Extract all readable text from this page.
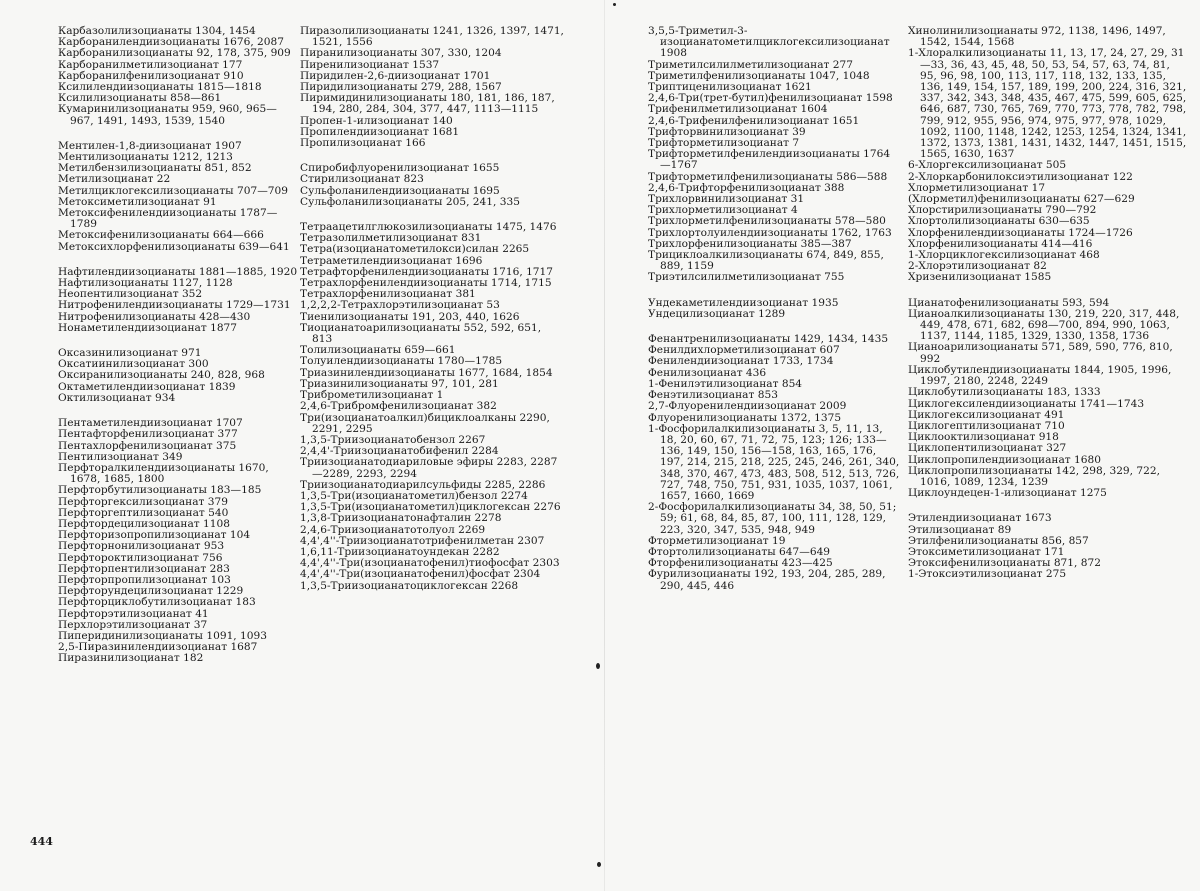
Карбазолилизоцианаты 1304, 1454
Карборанилендиизоцианаты 1676, 2087
Карборанилизоцианаты 92, 178, 375, 909
Карборанилметилизоцианат 177
Карборанилфенилизоцианат 910
Ксилилендиизоцианаты 1815—1818
Ксилилизоцианаты 858—861
Кумаринилизоцианаты 959, 960, 965—967, 1491, 1493, 1539, 1540
Ментилен-1,8-диизоцианат 1907
Ментилизоцианаты 1212, 1213
Метилбензилизоцианаты 851, 852
Метилизоцианат 22
Метилциклогексилизоцианаты 707—709
Метоксиметилизоцианат 91
Метоксифенилендиизоцианаты 1787—1789
Метоксифенилизоцианаты 664—666
Метоксихлорфенилизоцианаты 639—641
Нафтилендиизоцианаты 1881—1885, 1920
Нафтилизоцианаты 1127, 1128
Неопентилизоцианат 352
Нитрофенилендиизоцианаты 1729—1731
Нитрофенилизоцианаты 428—430
Нонаметилендиизоцианат 1877
Оксазинилизоцианат 971
Оксатиинилизоцианат 300
Оксиранилизоцианаты 240, 828, 968
Октаметилендиизоцианат 1839
Октилизоцианат 934
Пентаметилендиизоцианат 1707
Пентафторфенилизоцианат 377
Пентахлорфенилизоцианат 375
Пентилизоцианат 349
Перфторалкилендиизоцианаты 1670, 1678, 1685, 1800
Перфторбутилизоцианаты 183—185
Перфторгексилизоцианат 379
Перфторгептилизоцианат 540
Перфтордецилизоцианат 1108
Перфторизопропилизоцианат 104
Перфторнонилизоцианат 953
Перфтороктилизоцианат 756
Перфторпентилизоцианат 283
Перфторпропилизоцианат 103
Перфторундецилизоцианат 1229
Перфторциклобутилизоцианат 183
Перфторэтилизоцианат 41
Перхлорэтилизоцианат 37
Пиперидинилизоцианаты 1091, 1093
2,5-Пиразинилендиизоцианат 1687
Пиразинилизоцианат 182
Пиразолилизоцианаты 1241, 1326, 1397, 1471, 1521, 1556
Пиранилизоцианаты 307, 330, 1204
Пиренилизоцианат 1537
Пиридилен-2,6-диизоцианат 1701
Пиридилизоцианаты 279, 288, 1567
Пиримидинилизоцианаты 180, 181, 186, 187, 194, 280, 284, 304, 377, 447, 1113—1115
Пропен-1-илизоцианат 140
Пропилендиизоцианат 1681
Пропилизоцианат 166
Спиробифлуоренилизоцианат 1655
Стирилизоцианат 823
Сульфоланилендиизоцианаты 1695
Сульфоланилизоцианаты 205, 241, 335
Тетраацетилглюкозилизоцианаты 1475, 1476
Тетразолилметилизоцианат 831
Тетра(изоцианатометилокси)силан 2265
Тетраметилендиизоцианат 1696
Тетрафторфенилендиизоцианаты 1716, 1717
Тетрахлорфенилендиизоцианаты 1714, 1715
Тетрахлорфенилизоцианат 381
1,2,2,2-Тетрахлорэтилизоцианат 53
Тиенилизоцианаты 191, 203, 440, 1626
Тиоцианатоарилизоцианаты 552, 592, 651, 813
Толилизоцианаты 659—661
Толуилендиизоцианаты 1780—1785
Триазинилендиизоцианаты 1677, 1684, 1854
Триазинилизоцианаты 97, 101, 281
Триброметилизоцианат 1
2,4,6-Трибромфенилизоцианат 382
Три(изоцианатоалкил)бициклоалканы 2290, 2291, 2295
1,3,5-Триизоцианатобензол 2267
2,4,4'-Триизоцианатобифенил 2284
Триизоцианатодиариловые эфиры 2283, 2287—2289, 2293, 2294
Триизоцианатодиарилсульфиды 2285, 2286
1,3,5-Три(изоцианатометил)бензол 2274
1,3,5-Три(изоцианатометил)циклогексан 2276
1,3,8-Триизоцианатонафталин 2278
2,4,6-Триизоцианатотолуол 2269
4,4',4''-Триизоцианатотрифенилметан 2307
1,6,11-Триизоцианатоундекан 2282
4,4',4''-Три(изоцианатофенил)тиофосфат 2303
4,4',4''-Три(изоцианатофенил)фосфат 2304
1,3,5-Триизоцианатоциклогексан 2268
3,5,5-Триметил-3-изоцианатометилциклогексилизоцианат 1908
Триметилсилилметилизоцианат 277
Триметилфенилизоцианаты 1047, 1048
Триптиценилизоцианат 1621
2,4,6-Три(трет-бутил)фенилизоцианат 1598
Трифенилметилизоцианат 1604
2,4,6-Трифенилфенилизоцианат 1651
Трифторвинилизоцианат 39
Трифторметилизоцианат 7
Трифторметилфенилендиизоцианаты 1764—1767
Трифторметилфенилизоцианаты 586—588
2,4,6-Трифторфенилизоцианат 388
Трихлорвинилизоцианат 31
Трихлорметилизоцианат 4
Трихлорметилфенилизоцианаты 578—580
Трихлортолуилендиизоцианаты 1762, 1763
Трихлорфенилизоцианаты 385—387
Трициклоалкилизоцианаты 674, 849, 855, 889, 1159
Триэтилсилилметилизоцианат 755
Ундекаметилендиизоцианат 1935
Ундецилизоцианат 1289
Фенантренилизоцианаты 1429, 1434, 1435
Фенилдихлорметилизоцианат 607
Фенилендиизоцианат 1733, 1734
Фенилизоцианат 436
1-Фенилэтилизоцианат 854
Фенэтилизоцианат 853
2,7-Флуоренилендиизоцианат 2009
Флуоренилизоцианаты 1372, 1375
1-Фосфорилалкилизоцианаты 3, 5, 11, 13, 18, 20, 60, 67, 71, 72, 75, 123; 126; 133—136, 149, 150, 156—158, 163, 165, 176, 197, 214, 215, 218, 225, 245, 246, 261, 340, 348, 370, 467, 473, 483, 508, 512, 513, 726, 727, 748, 750, 751, 931, 1035, 1037, 1061, 1657, 1660, 1669
2-Фосфорилалкилизоцианаты 34, 38, 50, 51; 59; 61, 68, 84, 85, 87, 100, 111, 128, 129, 223, 320, 347, 535, 948, 949
Фторметилизоцианат 19
Фтортолилизоцианаты 647—649
Фторфенилизоцианаты 423—425
Фурилизоцианаты 192, 193, 204, 285, 289, 290, 445, 446
Хинолинилизоцианаты 972, 1138, 1496, 1497, 1542, 1544, 1568
1-Хлоралкилизоцианаты 11, 13, 17, 24, 27, 29, 31—33, 36, 43, 45, 48, 50, 53, 54, 57, 63, 74, 81, 95, 96, 98, 100, 113, 117, 118, 132, 133, 135, 136, 149, 154, 157, 189, 199, 200, 224, 316, 321, 337, 342, 343, 348, 435, 467, 475, 599, 605, 625, 646, 687, 730, 765, 769, 770, 773, 778, 782, 798, 799, 912, 955, 956, 974, 975, 977, 978, 1029, 1092, 1100, 1148, 1242, 1253, 1254, 1324, 1341, 1372, 1373, 1381, 1431, 1432, 1447, 1451, 1515, 1565, 1630, 1637
6-Хлоргексилизоцианат 505
2-Хлоркарбонилоксиэтилизоцианат 122
Хлорметилизоцианат 17
(Хлорметил)фенилизоцианаты 627—629
Хлорстирилизоцианаты 790—792
Хлортолилизоцианаты 630—635
Хлорфенилендиизоцианаты 1724—1726
Хлорфенилизоцианаты 414—416
1-Хлорциклогексилизоцианат 468
2-Хлорэтилизоцианат 82
Хризенилизоцианат 1585
Цианатофенилизоцианаты 593, 594
Цианоалкилизоцианаты 130, 219, 220, 317, 448, 449, 478, 671, 682, 698—700, 894, 990, 1063, 1137, 1144, 1185, 1329, 1330, 1358, 1736
Цианоарилизоцианаты 571, 589, 590, 776, 810, 992
Циклобутилендиизоцианаты 1844, 1905, 1996, 1997, 2180, 2248, 2249
Циклобутилизоцианаты 183, 1333
Циклогексилендиизоцианаты 1741—1743
Циклогексилизоцианат 491
Циклогептилизоцианат 710
Циклооктилизоцианат 918
Циклопентилизоцианат 327
Циклопропилендиизоцианат 1680
Циклопропилизоцианаты 142, 298, 329, 722, 1016, 1089, 1234, 1239
Циклоундецен-1-илизоцианат 1275
Этилендиизоцианат 1673
Этилизоцианат 89
Этилфенилизоцианаты 856, 857
Этоксиметилизоцианат 171
Этоксифенилизоцианаты 871, 872
1-Этоксиэтилизоцианат 275
444
